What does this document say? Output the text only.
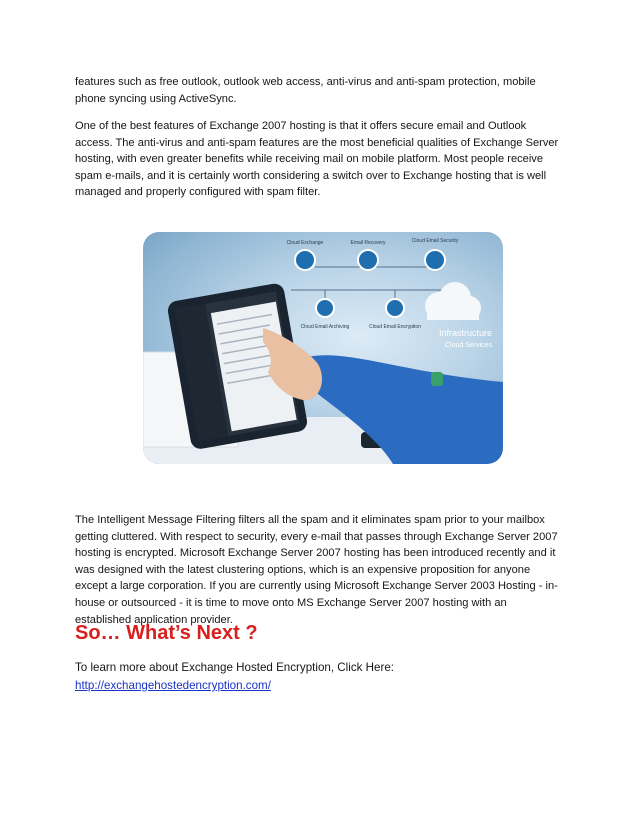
features such as free outlook, outlook web access, anti-virus and anti-spam protection, mobile phone syncing using ActiveSync.

One of the best features of Exchange 2007 hosting is that it offers secure email and Outlook access. The anti-virus and anti-spam features are the most beneficial qualities of Exchange Server hosting, with even greater benefits while receiving mail on mobile platform. Most people receive spam e-mails, and it is certainly worth considering a switch over to Exchange hosting that is well managed and properly configured with spam filter.

Cloud Exchange	Email Recovery	Cloud Email Security
Cloud Email Archiving	Cloud Email Encryption
Infrastructure
Cloud Services

The Intelligent Message Filtering filters all the spam and it eliminates spam prior to your mailbox getting cluttered. With respect to security, every e-mail that passes through Exchange Server 2007 hosting is encrypted. Microsoft Exchange Server 2007 hosting has been introduced recently and it was designed with the latest clustering options, which is an expensive proposition for anyone except a large corporation. If you are currently using Microsoft Exchange Server 2003 Hosting - in-house or outsourced - it is time to move onto MS Exchange Server 2007 hosting with an established application provider.

So… What’s Next ?
To learn more about Exchange Hosted Encryption, Click Here:
http://exchangehostedencryption.com/
